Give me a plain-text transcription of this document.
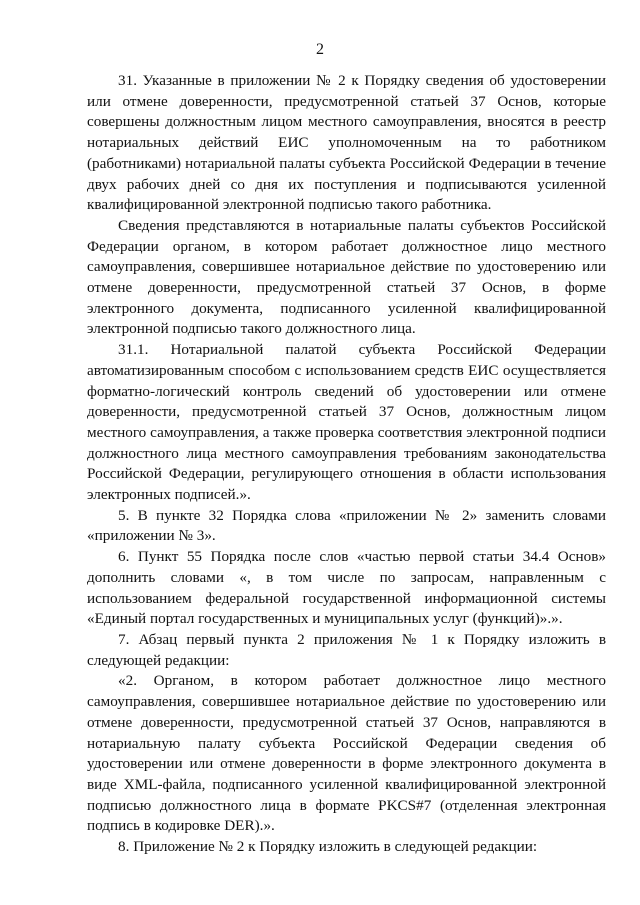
2

31. Указанные в приложении № 2 к Порядку сведения об удостоверении или отмене доверенности, предусмотренной статьей 37 Основ, которые совершены должностным лицом местного самоуправления, вносятся в реестр нотариальных действий ЕИС уполномоченным на то работником (работниками) нотариальной палаты субъекта Российской Федерации в течение двух рабочих дней со дня их поступления и подписываются усиленной квалифицированной электронной подписью такого работника.

Сведения представляются в нотариальные палаты субъектов Российской Федерации органом, в котором работает должностное лицо местного самоуправления, совершившее нотариальное действие по удостоверению или отмене доверенности, предусмотренной статьей 37 Основ, в форме электронного документа, подписанного усиленной квалифицированной электронной подписью такого должностного лица.

31.1. Нотариальной палатой субъекта Российской Федерации автоматизированным способом с использованием средств ЕИС осуществляется форматно-логический контроль сведений об удостоверении или отмене доверенности, предусмотренной статьей 37 Основ, должностным лицом местного самоуправления, а также проверка соответствия электронной подписи должностного лица местного самоуправления требованиям законодательства Российской Федерации, регулирующего отношения в области использования электронных подписей.».

5. В пункте 32 Порядка слова «приложении № 2» заменить словами «приложении № 3».

6. Пункт 55 Порядка после слов «частью первой статьи 34.4 Основ» дополнить словами «, в том числе по запросам, направленным с использованием федеральной государственной информационной системы «Единый портал государственных и муниципальных услуг (функций)».».

7. Абзац первый пункта 2 приложения № 1 к Порядку изложить в следующей редакции:

«2. Органом, в котором работает должностное лицо местного самоуправления, совершившее нотариальное действие по удостоверению или отмене доверенности, предусмотренной статьей 37 Основ, направляются в нотариальную палату субъекта Российской Федерации сведения об удостоверении или отмене доверенности в форме электронного документа в виде XML-файла, подписанного усиленной квалифицированной электронной подписью должностного лица в формате PKCS#7 (отделенная электронная подпись в кодировке DER).».

8. Приложение № 2 к Порядку изложить в следующей редакции:
